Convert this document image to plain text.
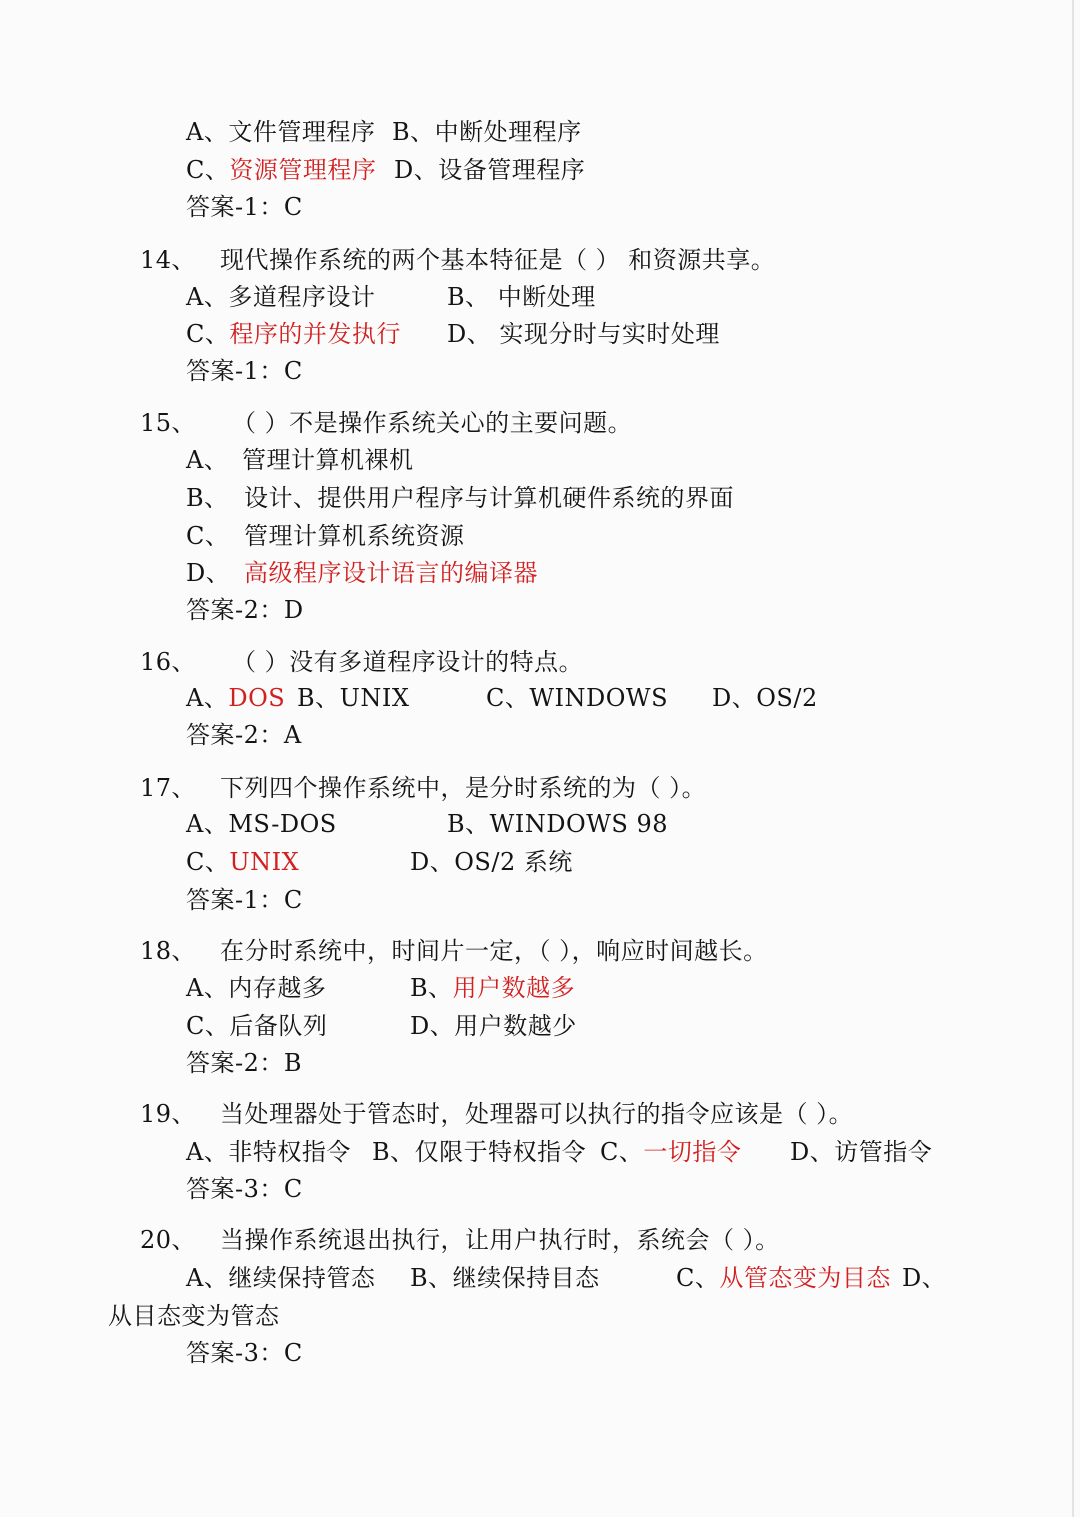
A、文件管理程序 B、中断处理程序
C、资源管理程序 D、设备管理程序
答案-1：C
14、 现代操作系统的两个基本特征是（ ） 和资源共享。
A、多道程序设计	B、 中断处理
C、程序的并发执行 D、 实现分时与实时处理
答案-1：C
15、 （ ）不是操作系统关心的主要问题。
A、 管理计算机裸机
B、 设计、提供用户程序与计算机硬件系统的界面
C、 管理计算机系统资源
D、 高级程序设计语言的编译器
答案-2：D
16、 （ ）没有多道程序设计的特点。
A、DOS B、UNIX	C、WINDOWS D、OS/2
答案-2：A
17、 下列四个操作系统中，是分时系统的为（ ）。
A、MS-DOS	B、WINDOWS 98
C、UNIX	D、OS/2 系统
答案-1：C
18、 在分时系统中，时间片一定，（ ），响应时间越长。
A、内存越多	B、用户数越多
C、后备队列	D、用户数越少
答案-2：B
19、 当处理器处于管态时，处理器可以执行的指令应该是（ ）。
A、非特权指令 B、仅限于特权指令 C、一切指令 D、访管指令
答案-3：C
20、 当操作系统退出执行，让用户执行时，系统会（ ）。
A、继续保持管态 B、继续保持目态	C、从管态变为目态 D、
从目态变为管态
答案-3：C
